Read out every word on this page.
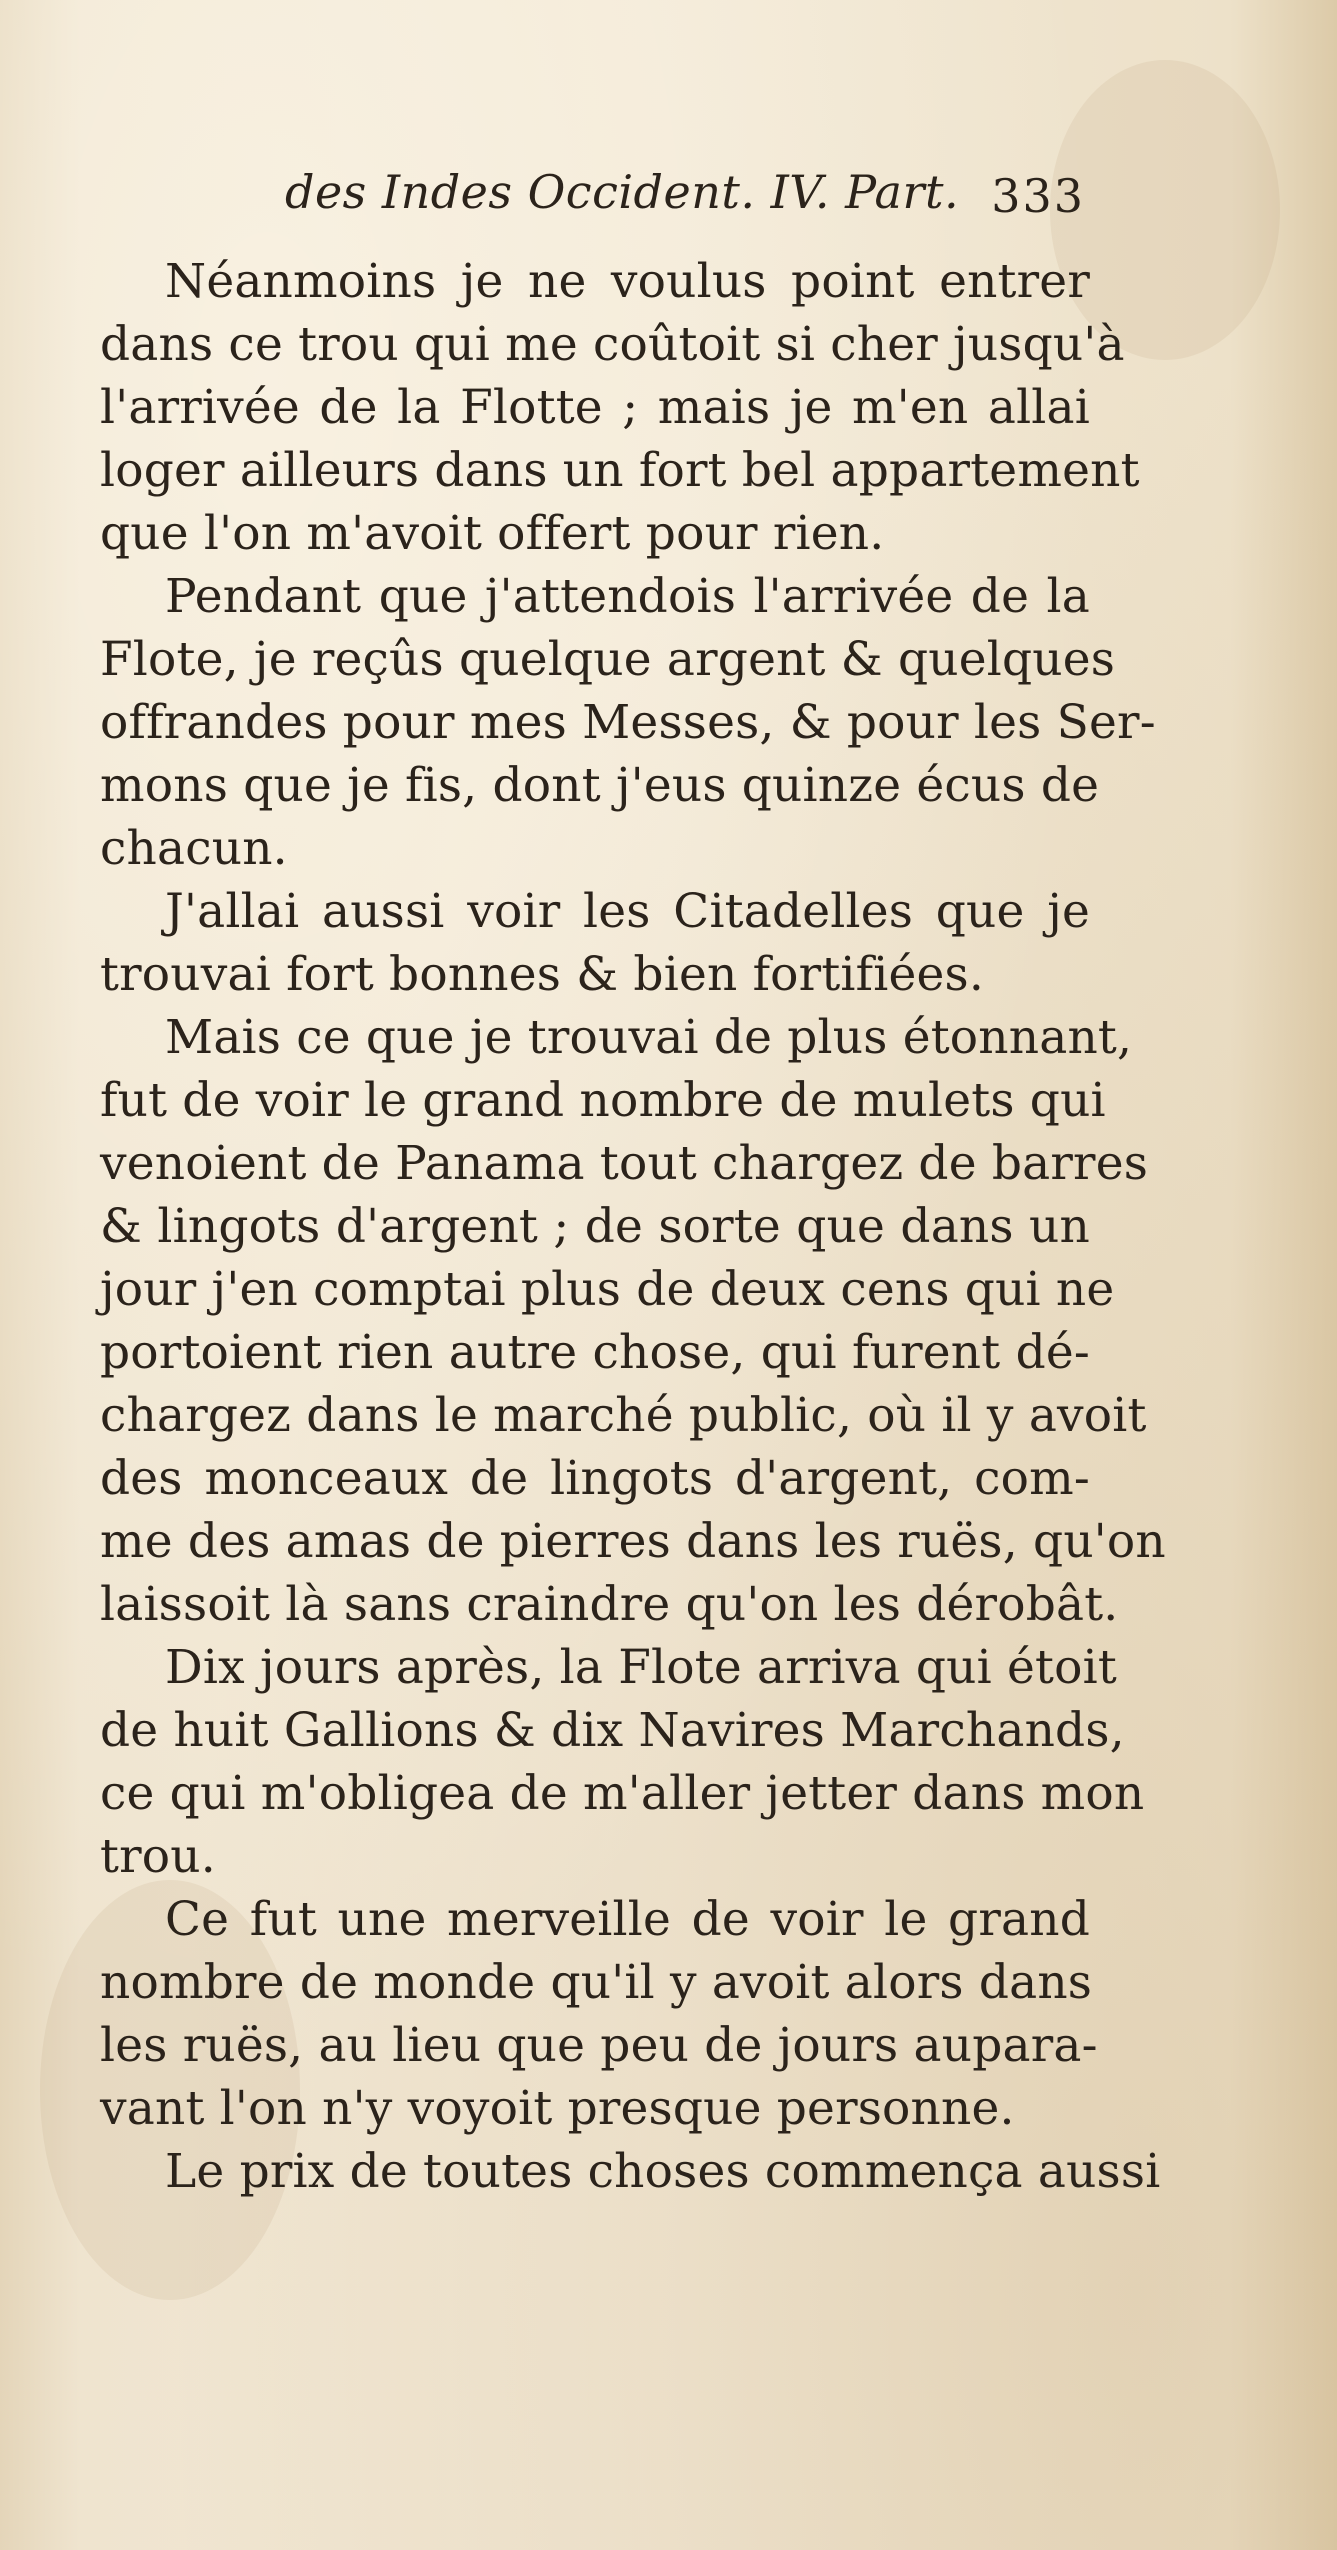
des Indes Occident. IV. Part. 333

Néanmoins je ne voulus point entrer
dans ce trou qui me coûtoit si cher jusqu'à
l'arrivée de la Flotte ; mais je m'en allai
loger ailleurs dans un fort bel appartement
que l'on m'avoit offert pour rien.

Pendant que j'attendois l'arrivée de la
Flote, je reçûs quelque argent & quelques
offrandes pour mes Messes, & pour les Ser-
mons que je fis, dont j'eus quinze écus de
chacun.

J'allai aussi voir les Citadelles que je
trouvai fort bonnes & bien fortifiées.

Mais ce que je trouvai de plus étonnant,
fut de voir le grand nombre de mulets qui
venoient de Panama tout chargez de barres
& lingots d'argent ; de sorte que dans un
jour j'en comptai plus de deux cens qui ne
portoient rien autre chose, qui furent dé-
chargez dans le marché public, où il y avoit
des monceaux de lingots d'argent, com-
me des amas de pierres dans les ruës, qu'on
laissoit là sans craindre qu'on les dérobât.

Dix jours après, la Flote arriva qui étoit
de huit Gallions & dix Navires Marchands,
ce qui m'obligea de m'aller jetter dans mon
trou.

Ce fut une merveille de voir le grand
nombre de monde qu'il y avoit alors dans
les ruës, au lieu que peu de jours aupara-
vant l'on n'y voyoit presque personne.

Le prix de toutes choses commença aussi
